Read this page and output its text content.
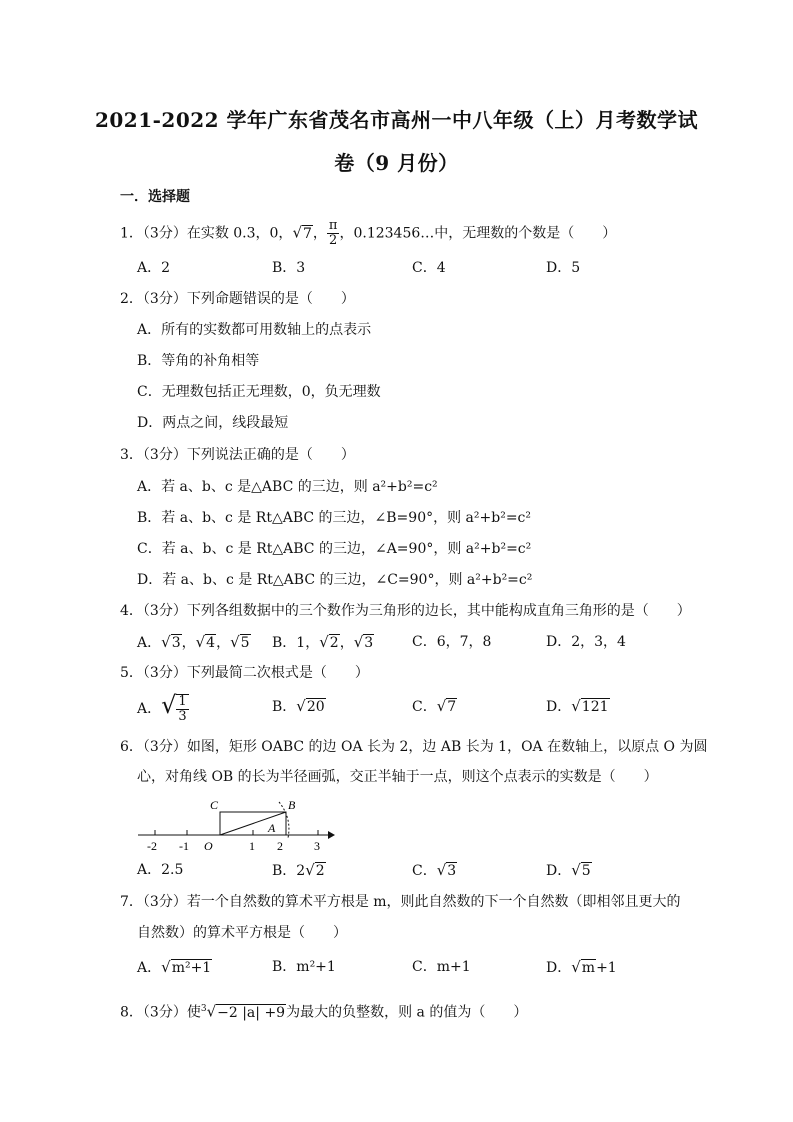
2021-2022 学年广东省茂名市高州一中八年级（上）月考数学试
卷（9 月份）
一．选择题
1．（3分）在实数 0.3，0，√7， $\frac{\pi}{2}$ ，0.123456…中，无理数的个数是（　　）
A．2	B．3	C．4	D．5
2．（3分）下列命题错误的是（　　）
A．所有的实数都可用数轴上的点表示
B．等角的补角相等
C．无理数包括正无理数，0，负无理数
D．两点之间，线段最短
3．（3分）下列说法正确的是（　　）
A．若 a、b、c 是△ABC 的三边，则 a²+b²=c²
B．若 a、b、c 是 Rt△ABC 的三边，∠B=90°，则 a²+b²=c²
C．若 a、b、c 是 Rt△ABC 的三边，∠A=90°，则 a²+b²=c²
D．若 a、b、c 是 Rt△ABC 的三边，∠C=90°，则 a²+b²=c²
4．（3分）下列各组数据中的三个数作为三角形的边长，其中能构成直角三角形的是（　　）
A．√3，√4，√5 B．1，√2，√3	C．6，7，8	D．2，3，4
5．（3分）下列最简二次根式是（　　）
A．√ $\frac{1}{3}$	B．√20	C．√7	D．√121
6．（3分）如图，矩形 OABC 的边 OA 长为 2，边 AB 长为 1，OA 在数轴上，以原点 O 为圆
心，对角线 OB 的长为半径画弧，交正半轴于一点，则这个点表示的实数是（　　）
C	B
A
O
-2 -1	1 2	3
A．2.5	B．2√2	C．√3	D．√5
7．（3分）若一个自然数的算术平方根是 m，则此自然数的下一个自然数（即相邻且更大的
自然数）的算术平方根是（　　）
A．√m²+1	B．m²+1	C．m+1	D．√m+1
8．（3分）使$^3$√−2 |a| +9为最大的负整数，则 a 的值为（　　）
